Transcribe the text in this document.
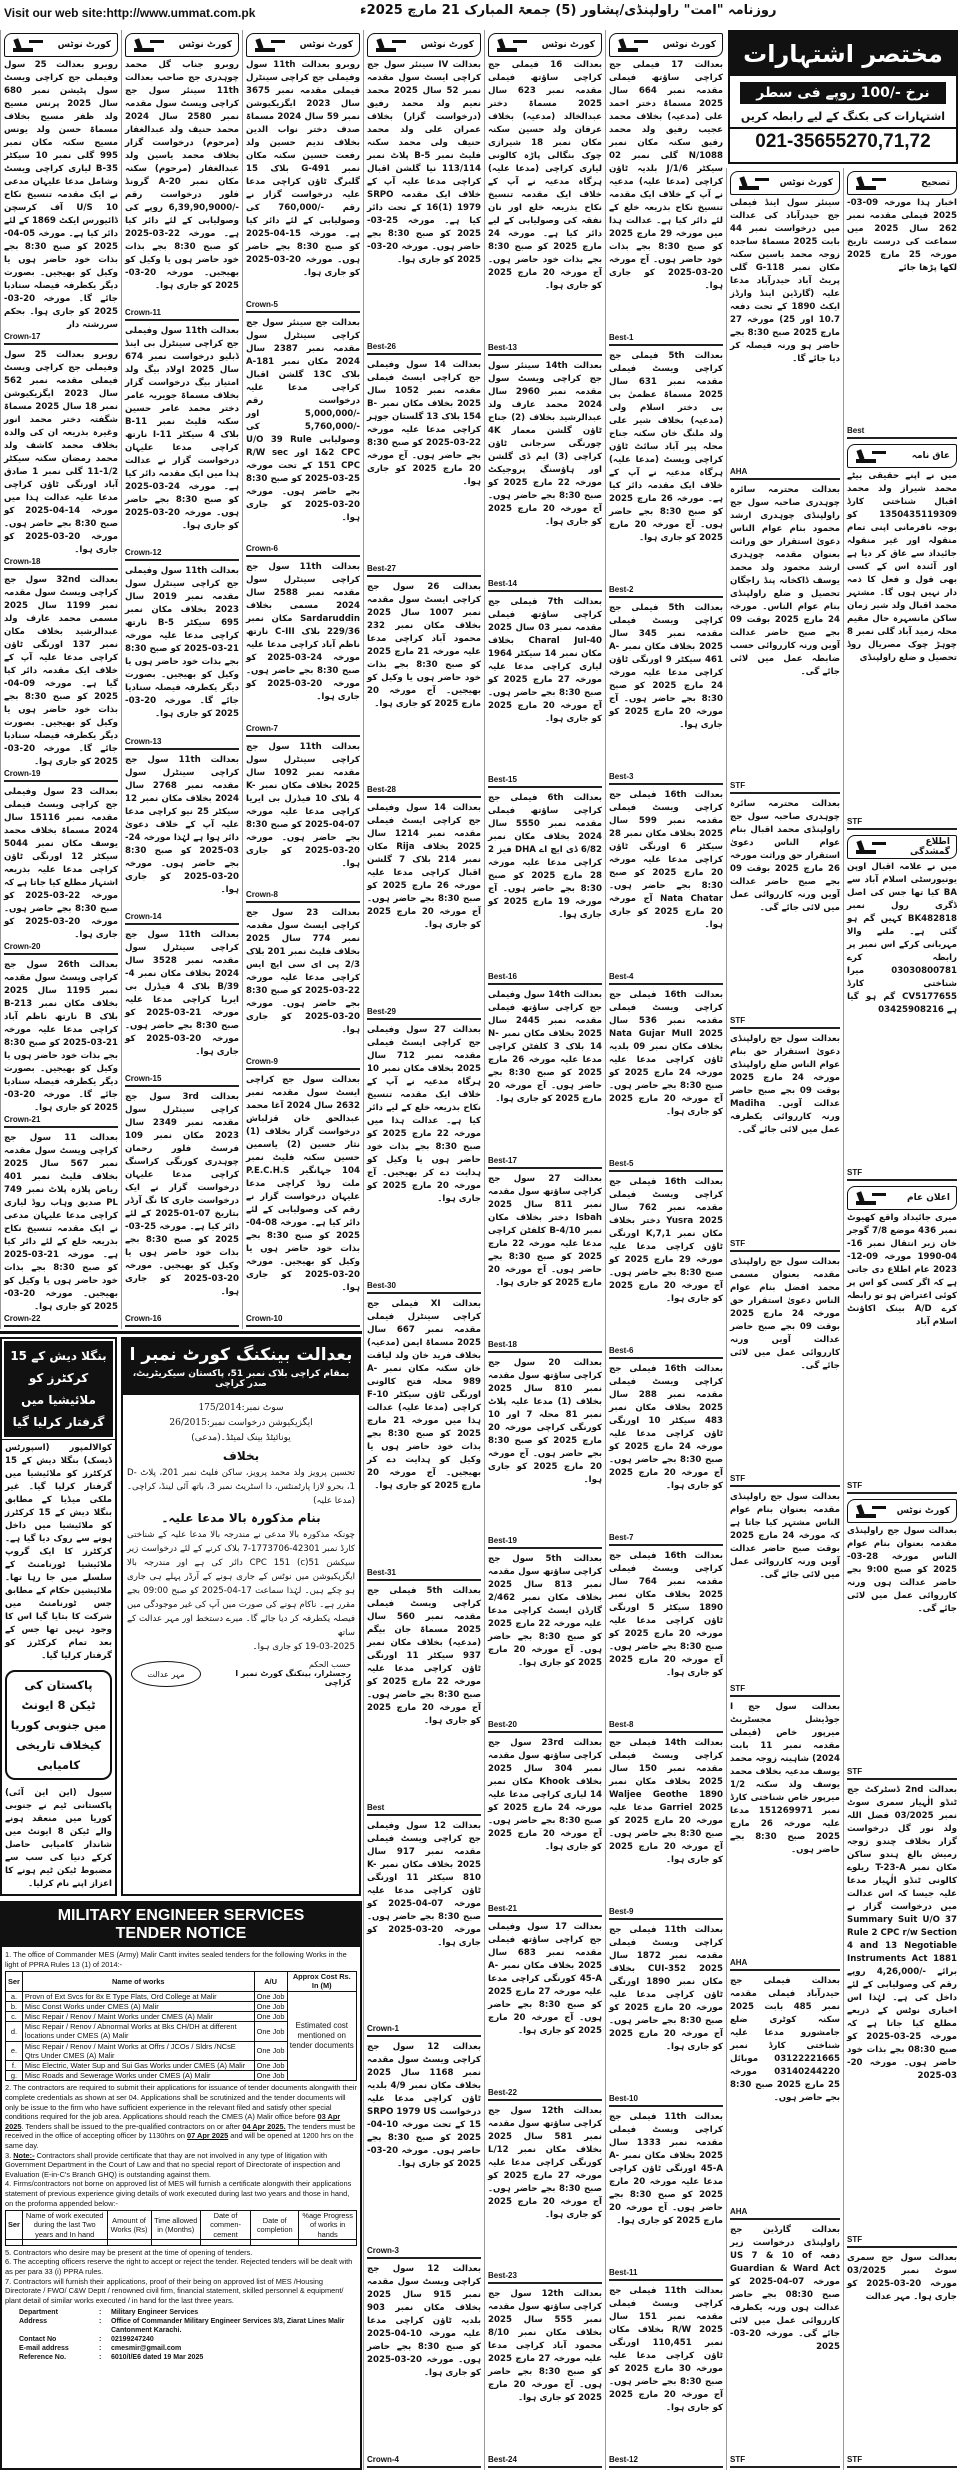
Visit our web site:http://www.ummat.com.pk	روزنامہ "امت" راولپنڈی/پشاور (5) جمعۃ المبارک 21 مارچ 2025ء
کورٹ نوٹس

روبرو بعدالت 25 سول وفیملی جج کراچی ویسٹ سول پٹیشن نمبر 680 سال 2025 پرنس مسیح ولد ظفر مسیح بخلاف مسماۃ حسن ولد یونس مسیح سکنہ مکان نمبر 995 گلی نمبر 10 سیکٹر B-35 لیاری کراچی ویسٹ وشامل مدعا علیہان مدعی نے ایک مقدمہ تنسیخ نکاح 10 U/S آف کرسچن ڈائیورس ایکٹ 1869 کے لئے دائر کیا ہے۔ مورخہ 05-04-2025 کو صبح 8:30 بجے بذات خود حاضر ہوں یا وکیل کو بھیجیں۔ بصورت دیگر یکطرفہ فیصلہ سنادیا جائے گا۔ مورخہ 20-03-2025 کو جاری ہوا۔ بحکم سررشتہ دار

Crown-17

روبرو بعدالت 25 سول وفیملی جج کراچی ویسٹ فیملی مقدمہ نمبر 562 سال 2023 ایگزیکیوشن نمبر 18 سال 2025 مسماۃ شگفتہ دختر محمد انور وغیرہ بذریعہ ان کی والدہ بخلاف محمد کاشف ولد محمد رمضان سکنہ سیکٹر 1/2-11 گلی نمبر 1 صادق آباد اورنگی ٹاؤن کراچی مدعا علیہ عدالت ہذا میں مورخہ 14-04-2025 کو صبح 8:30 بجے حاضر ہوں۔ مورخہ 20-03-2025 کو جاری ہوا۔

Crown-18

بعدالت 32nd سول جج کراچی ویسٹ سول مقدمہ نمبر 1199 سال 2025 مسمی محمد عارف ولد عبدالرشید بخلاف مکان نمبر 137 اورنگی ٹاؤن کراچی مدعا علیہ آپ کے خلاف ایک مقدمہ دائر کیا گیا ہے۔ مورخہ 09-04-2025 کو صبح 8:30 بجے بذات خود حاضر ہوں یا وکیل کو بھیجیں۔ بصورت دیگر یکطرفہ فیصلہ سنادیا جائے گا۔ مورخہ 20-03-2025 کو جاری ہوا۔

Crown-19

بعدالت 23 سول وفیملی جج کراچی ویسٹ فیملی مقدمہ نمبر 15116 سال 2024 مسماۃ بخلاف محمد یوسف مکان نمبر 5044 سیکٹر 12 اورنگی ٹاؤن کراچی مدعا علیہ بذریعہ اشتہار مطلع کیا جاتا ہے کہ مورخہ 22-03-2025 کو صبح 8:30 بجے حاضر ہوں۔ مورخہ 20-03-2025 کو جاری ہوا۔

Crown-20

بعدالت 26th سول جج کراچی ویسٹ سول مقدمہ نمبر 1195 سال 2025 بخلاف مکان نمبر B-213 بلاک B نارتھ ناظم آباد کراچی مدعا علیہ مورخہ 21-03-2025 کو صبح 8:30 بجے بذات خود حاضر ہوں یا وکیل کو بھیجیں۔ بصورت دیگر یکطرفہ فیصلہ سنادیا جائے گا۔ مورخہ 20-03-2025 کو جاری ہوا۔

Crown-21

بعدالت 11 سول جج کراچی ویسٹ سول مقدمہ نمبر 567 سال 2025 بخلاف فلیٹ نمبر 401 ریاض پلازہ پلاٹ نمبر 749 PL صدیق وہاب روڈ لیاری کراچی مدعا علیہان مدعی نے ایک مقدمہ تنسیخ نکاح بذریعہ خلع کے لئے دائر کیا ہے۔ مورخہ 21-03-2025 کو صبح 8:30 بجے بذات خود حاضر ہوں یا وکیل کو بھیجیں۔ مورخہ 20-03-2025 کو جاری ہوا۔

Crown-22
کورٹ نوٹس

روبرو جناب گل محمد چوہدری جج صاحب بعدالت 11th سینئر سول جج کراچی ویسٹ سول مقدمہ نمبر 2580 سال 2024 محمد حنیف ولد عبدالغفار (مرحوم) درخواست گزار بخلاف محمد یاسین ولد عبدالغفار (مرحوم) سکنہ مکان نمبر A-20 گرونڈ فلور درخواست رقم -/6,39,90,9000 روپے کی وصولیابی کے لئے دائر کیا ہے۔ مورخہ 22-03-2025 کو صبح 8:30 بجے بذات خود حاضر ہوں یا وکیل کو بھیجیں۔ مورخہ 20-03-2025 کو جاری ہوا۔

Crown-11

بعدالت 11th سول وفیملی جج کراچی سینٹرل بی اینڈ ڈبلیو درخواست نمبر 674 سال 2025 اولاد بیگ ولد امتیاز بیگ درخواست گزار بخلاف مسماۃ جویریہ عامر دختر محمد عامر حسین سکنہ فلیٹ نمبر B-11 بلاک 4 سیکٹر 11-I نارتھ کراچی مدعا علیہان درخواست گزار نے عدالت ہذا میں ایک مقدمہ دائر کیا ہے۔ مورخہ 24-03-2025 کو صبح 8:30 بجے حاضر ہوں۔ مورخہ 20-03-2025 کو جاری ہوا۔

Crown-12

بعدالت 11th سول وفیملی جج کراچی سینٹرل سول مقدمہ نمبر 2019 سال 2023 بخلاف مکان نمبر 695 سیکٹر B-5 نارتھ کراچی مدعا علیہ مورخہ 21-03-2025 کو صبح 8:30 بجے بذات خود حاضر ہوں یا وکیل کو بھیجیں۔ بصورت دیگر یکطرفہ فیصلہ سنادیا جائے گا۔ مورخہ 20-03-2025 کو جاری ہوا۔

Crown-13

بعدالت 11th سول جج کراچی سینٹرل سول مقدمہ نمبر 2768 سال 2024 بخلاف مکان نمبر 12 سیکٹر 25 نیو کراچی مدعا علیہ آپ کے خلاف دعویٰ دائر ہوا ہے لہٰذا مورخہ 24-03-2025 کو صبح 8:30 بجے حاضر ہوں۔ مورخہ 20-03-2025 کو جاری ہوا۔

Crown-14

بعدالت 11th سول جج کراچی سینٹرل سول مقدمہ نمبر 3528 سال 2024 بخلاف مکان نمبر 4-B/39 بلاک 4 فیڈرل بی ایریا کراچی مدعا علیہ مورخہ 21-03-2025 کو صبح 8:30 بجے حاضر ہوں۔ مورخہ 20-03-2025 کو جاری ہوا۔

Crown-15

بعدالت 3rd سول جج کراچی سینٹرل سول مقدمہ نمبر 2349 سال 2023 مکان نمبر 109 فرسٹ فلور رحمان چوہدری کورنگی کراسنگ کراچی مدعا علیہان درخواست گزار نے ایک درخواست جاری کا نگ آرڈر بتاریخ 07-01-2025 کے لئے دائر کیا ہے۔ مورخہ 25-03-2025 کو صبح 8:30 بجے بذات خود حاضر ہوں یا وکیل کو بھیجیں۔ مورخہ 20-03-2025 کو جاری ہوا۔

Crown-16
کورٹ نوٹس

روبرو بعدالت 11th سول وفیملی جج کراچی سینٹرل فیملی مقدمہ نمبر 3675 سال 2023 ایگزیکیوشن نمبر 59 سال 2024 مسماۃ صدف دختر نواب الدین بخلاف ندیم حسین ولد رفعت حسین سکنہ مکان نمبر G-491 بلاک 15 گلبرگ ٹاؤن کراچی مدعا علیہ درخواست گزار نے رقم -/760,000 کی وصولیابی کے لئے دائر کیا ہے۔ مورخہ 15-04-2025 کو صبح 8:30 بجے حاضر ہوں۔ مورخہ 20-03-2025 کو جاری ہوا۔

Crown-5

بعدالت جج سینئر سول جج کراچی سینٹرل سول مقدمہ نمبر 2387 سال 2024 مکان نمبر A-181 بلاک 13C گلشن اقبال کراچی مدعا علیہ درخواست رقم -/5,000,000 اور -/5,760,000 کی وصولیابی U/O 39 Rule 1&2 CPC اور R/W sec 151 CPC کے تحت مورخہ 25-03-2025 کو صبح 8:30 بجے حاضر ہوں۔ مورخہ 20-03-2025 کو جاری ہوا۔

Crown-6

بعدالت 11th سول جج کراچی سینٹرل سول مقدمہ نمبر 2588 سال 2024 مسمی بخلاف Sardaruddin مکان نمبر 229/36 بلاک C-III نارتھ ناظم آباد کراچی مدعا علیہ مورخہ 24-03-2025 کو صبح 8:30 بجے حاضر ہوں۔ مورخہ 20-03-2025 کو جاری ہوا۔

Crown-7

بعدالت 11th سول جج کراچی سینٹرل سول مقدمہ نمبر 1092 سال 2025 بخلاف مکان نمبر K-4 بلاک 10 فیڈرل بی ایریا کراچی مدعا علیہ مورخہ 07-04-2025 کو صبح 8:30 بجے حاضر ہوں۔ مورخہ 20-03-2025 کو جاری ہوا۔

Crown-8

بعدالت 23 سول جج کراچی ایسٹ سول مقدمہ نمبر 774 سال 2025 بخلاف فلیٹ نمبر 201 بلاک 2/3 پی ای سی ایچ ایس کراچی مدعا علیہ مورخہ 22-03-2025 کو صبح 8:30 بجے حاضر ہوں۔ مورخہ 20-03-2025 کو جاری ہوا۔

Crown-9

بعدالت سول جج کراچی ایسٹ سول مقدمہ نمبر 2632 سال 2024 آغا محمد عبدالحق خان قزلباش درخواست گزار بخلاف (1) نثار حسین (2) یاسمین حسین سکنہ فلیٹ نمبر 104 جہانگیر P.E.C.H.S ملت روڈ کراچی مدعا علیہان درخواست گزار نے رقم کی وصولیابی کے لئے دائر کیا ہے۔ مورخہ 08-04-2025 کو صبح 8:30 بجے بذات خود حاضر ہوں یا وکیل کو بھیجیں۔ مورخہ 20-03-2025 کو جاری ہوا۔

Crown-10
کورٹ نوٹس

بعدالت IV سینئر سول جج کراچی ایسٹ سول مقدمہ نمبر 52 سال 2025 محمد نعیم ولد محمد رفیق (درخواست گزار) بخلاف عمران علی ولد محمد حنیف ولی محمد سکنہ فلیٹ نمبر B-5 پلاٹ نمبر 113/114 نیا گلشن اقبال کراچی مدعا علیہ آپ کے خلاف ایک مقدمہ SRPO 16(1) 1979 کے تحت دائر کیا ہے۔ مورخہ 25-03-2025 کو صبح 8:30 بجے حاضر ہوں۔ مورخہ 20-03-2025 کو جاری ہوا۔

Best-26

بعدالت 14 سول وفیملی جج کراچی ایسٹ فیملی مقدمہ نمبر 1052 سال 2025 بخلاف مکان نمبر B-154 بلاک 13 گلستان جوہر کراچی مدعا علیہ مورخہ 22-03-2025 کو صبح 8:30 بجے حاضر ہوں۔ آج مورخہ 20 مارچ 2025 کو جاری ہوا۔

Best-27

بعدالت 26 سول جج کراچی ایسٹ سول مقدمہ نمبر 1007 سال 2025 بخلاف مکان نمبر 232 محمود آباد کراچی مدعا علیہ مورخہ 21 مارچ 2025 کو صبح 8:30 بجے بذات خود حاضر ہوں یا وکیل کو بھیجیں۔ آج مورخہ 20 مارچ 2025 کو جاری ہوا۔

Best-28

بعدالت 14 سول وفیملی جج کراچی ایسٹ فیملی مقدمہ نمبر 1214 سال 2025 بخلاف Rija مکان نمبر 214 بلاک 7 گلشن اقبال کراچی مدعا علیہ مورخہ 26 مارچ 2025 کو صبح 8:30 بجے حاضر ہوں۔ آج مورخہ 20 مارچ 2025 کو جاری ہوا۔

Best-29

بعدالت 27 سول وفیملی جج کراچی ایسٹ فیملی مقدمہ نمبر 712 سال 2025 بخلاف مکان نمبر 10 ہرگاہ مدعیہ نے آپ کے خلاف ایک مقدمہ تنسیخ نکاح بذریعہ خلع کے لیے دائر کیا ہے۔ عدالت ہذا میں مورخہ 22 مارچ 2025 کو صبح 8:30 بجے بذات خود حاضر ہوں یا وکیل کو ہدایت دے کر بھیجیں۔ آج مورخہ 20 مارچ 2025 کو جاری ہوا۔

Best-30

بعدالت XI فیملی جج کراچی سینٹرل فیملی مقدمہ نمبر 667 سال 2025 مسماۃ ایمن (مدعیہ) بخلاف فرید خان ولد لیاقت خان سکنہ مکان نمبر A-989 محلہ فتح کالونی اورنگی ٹاؤن سیکٹر 10-F کراچی (مدعا علیہ) عدالت ہذا میں مورخہ 21 مارچ 2025 کو صبح 8:30 بجے بذات خود حاضر ہوں یا وکیل کو ہدایت دے کر بھیجیں۔ آج مورخہ 20 مارچ 2025 کو جاری ہوا۔

Best-31

بعدالت 5th فیملی جج کراچی ویسٹ فیملی مقدمہ نمبر 560 سال 2025 مسماۃ جان بیگم (مدعیہ) بخلاف مکان نمبر 937 سیکٹر 11 اورنگی ٹاؤن کراچی مدعا علیہ مورخہ 22 مارچ 2025 کو صبح 8:30 بجے حاضر ہوں۔ آج مورخہ 20 مارچ 2025 کو جاری ہوا۔

Best

بعدالت 12 سول وفیملی جج کراچی ویسٹ فیملی مقدمہ نمبر 917 سال 2025 بخلاف مکان نمبر K-810 سیکٹر 11 اورنگی ٹاؤن کراچی مدعا علیہ مورخہ 07-04-2025 کو صبح 8:30 بجے حاضر ہوں۔ مورخہ 20-03-2025 کو جاری ہوا۔

Crown-1

بعدالت 12 سول جج کراچی ویسٹ سول مقدمہ نمبر 1168 سال 2025 بخلاف مکان نمبر 4/9 بلدیہ ٹاؤن کراچی مدعا علیہ درخواست SRPO 1979 US 15 کے تحت مورخہ 10-04-2025 کو صبح 8:30 بجے حاضر ہوں۔ مورخہ 20-03-2025 کو جاری ہوا۔

Crown-3

بعدالت 12 سول جج کراچی ویسٹ سول مقدمہ نمبر 915 سال 2025 بخلاف مکان نمبر 903 بلدیہ ٹاؤن کراچی مدعا علیہ مورخہ 10-04-2025 کو صبح 8:30 بجے حاضر ہوں۔ مورخہ 20-03-2025 کو جاری ہوا۔

Crown-4
کورٹ نوٹس

بعدالت 16 فیملی جج کراچی ساؤتھ فیملی مقدمہ نمبر 623 سال 2025 مسماۃ دختر عبدالخالد (مدعیہ) بخلاف عرفان ولد حسین سکنہ مکان نمبر 18 شیرازی چوک بنگالی پاڑہ کالونی لیاری کراچی (مدعا علیہ) ہرگاہ مدعیہ نے آپ کے خلاف ایک مقدمہ تنسیخ نکاح بذریعہ خلع اور نان نفقہ کی وصولیابی کے لیے دائر کیا ہے۔ مورخہ 24 مارچ 2025 کو صبح 8:30 بجے بذات خود حاضر ہوں۔ آج مورخہ 20 مارچ 2025 کو جاری ہوا۔

Best-13

بعدالت 14th سینئر سول جج کراچی ویسٹ سول مقدمہ نمبر 2960 سال 2024 محمد عارف ولد عبدالرشید بخلاف (2) جناح ٹاؤن گلشن معمار 4K چورنگی سرجانی ٹاؤن کراچی (3) ایم ڈی گلشن اور ہاؤسنگ پروجیکٹ مورخہ 22 مارچ 2025 کو صبح 8:30 بجے حاضر ہوں۔ آج مورخہ 20 مارچ 2025 کو جاری ہوا۔

Best-14

بعدالت 7th فیملی جج کراچی ساؤتھ فیملی مقدمہ نمبر 03 سال 2025 Charal Jul-40 بخلاف مکان نمبر 14 سیکٹر 1964 لیاری کراچی مدعا علیہ مورخہ 27 مارچ 2025 کو صبح 8:30 بجے حاضر ہوں۔ آج مورخہ 20 مارچ 2025 کو جاری ہوا۔

Best-15

بعدالت 6th فیملی جج کراچی ساؤتھ فیملی مقدمہ نمبر 5550 سال 2024 بخلاف مکان نمبر 6/82 ڈی ایچ اے DHA فیز 2 کراچی مدعا علیہ مورخہ 28 مارچ 2025 کو صبح 8:30 بجے حاضر ہوں۔ آج مورخہ 19 مارچ 2025 کو جاری ہوا۔

Best-16

بعدالت 14th سول وفیملی جج کراچی ساؤتھ فیملی مقدمہ نمبر 2445 سال 2025 بخلاف مکان نمبر N-14 بلاک 3 کلفٹن کراچی مدعا علیہ مورخہ 26 مارچ 2025 کو صبح 8:30 بجے حاضر ہوں۔ آج مورخہ 20 مارچ 2025 کو جاری ہوا۔

Best-17

بعدالت 27 سول جج کراچی ساؤتھ سول مقدمہ نمبر 811 سال 2025 Isbah دختر بخلاف مکان نمبر B-4/10 کلفٹن کراچی مدعا علیہ مورخہ 22 مارچ 2025 کو صبح 8:30 بجے حاضر ہوں۔ آج مورخہ 20 مارچ 2025 کو جاری ہوا۔

Best-18

بعدالت 20 سول جج کراچی ساؤتھ سول مقدمہ نمبر 810 سال 2025 بخلاف (1) مدعا علیہ پلاٹ نمبر 81 محلہ 7 اور 10 کورنگی کراچی مورخہ 20 مارچ 2025 کو صبح 8:30 بجے حاضر ہوں۔ آج مورخہ 20 مارچ 2025 کو جاری ہوا۔

Best-19

بعدالت 5th سول جج کراچی ساؤتھ سول مقدمہ نمبر 813 سال 2025 بخلاف مکان نمبر 2/462 گارڈن ایسٹ کراچی مدعا علیہ مورخہ 22 مارچ 2025 کو صبح 8:30 بجے حاضر ہوں۔ آج مورخہ 20 مارچ 2025 کو جاری ہوا۔

Best-20

بعدالت 23rd سول جج کراچی ساؤتھ سول مقدمہ نمبر 304 سال 2025 بخلاف Khook مکان نمبر 14 لیاری کراچی مدعا علیہ مورخہ 24 مارچ 2025 کو صبح 8:30 بجے حاضر ہوں۔ آج مورخہ 20 مارچ 2025 کو جاری ہوا۔

Best-21

بعدالت 17 سول وفیملی جج کراچی ساؤتھ فیملی مقدمہ نمبر 683 سال 2025 بخلاف مکان نمبر A-45-A کورنگی کراچی مدعا علیہ مورخہ 27 مارچ 2025 کو صبح 8:30 بجے حاضر ہوں۔ آج مورخہ 20 مارچ 2025 کو جاری ہوا۔

Best-22

بعدالت 12th سول جج کراچی ساؤتھ سول مقدمہ نمبر 581 سال 2025 بخلاف مکان نمبر 12/L کورنگی کراچی مدعا علیہ مورخہ 27 مارچ 2025 کو صبح 8:30 بجے حاضر ہوں۔ آج مورخہ 20 مارچ 2025 کو جاری ہوا۔

Best-23

بعدالت 12th سول جج کراچی ساؤتھ سول مقدمہ نمبر 555 سال 2025 بخلاف مکان نمبر 8/10 محمود آباد کراچی مدعا علیہ مورخہ 27 مارچ 2025 کو صبح 8:30 بجے حاضر ہوں۔ آج مورخہ 20 مارچ 2025 کو جاری ہوا۔

Best-24
کورٹ نوٹس

بعدالت 17 فیملی جج کراچی ساؤتھ فیملی مقدمہ نمبر 664 سال 2025 مسماۃ دختر احمد علی (مدعیہ) بخلاف محمد عجیب رفیق ولد محمد رفیق سکنہ مکان نمبر N/1088 گلی نمبر 02 سیکٹر 6/J/1 بلدیہ ٹاؤن کراچی (مدعا علیہ) مدعیہ نے آپ کے خلاف ایک مقدمہ تنسیخ نکاح بذریعہ خلع کے لئے دائر کیا ہے۔ عدالت ہذا میں مورخہ 29 مارچ 2025 کو صبح 8:30 بجے بذات خود حاضر ہوں۔ آج مورخہ 20-03-2025 کو جاری ہوا۔

Best-1

بعدالت 5th فیملی جج کراچی ویسٹ فیملی مقدمہ نمبر 631 سال 2025 مسماۃ عظمیٰ بی بی دختر اسلام ولی (مدعیہ) بخلاف شیر علی ولد ملنگ خان سکنہ جناح محلہ پیر آباد سائٹ ٹاؤن کراچی ویسٹ (مدعا علیہ) ہرگاہ مدعیہ نے آپ کے خلاف ایک مقدمہ دائر کیا ہے۔ مورخہ 26 مارچ 2025 کو صبح 8:30 بجے حاضر ہوں۔ آج مورخہ 20 مارچ 2025 کو جاری ہوا۔

Best-2

بعدالت 5th فیملی جج کراچی ویسٹ فیملی مقدمہ نمبر 345 سال 2025 بخلاف مکان نمبر A-461 سیکٹر 9 اورنگی ٹاؤن کراچی مدعا علیہ مورخہ 24 مارچ 2025 کو صبح 8:30 بجے حاضر ہوں۔ آج مورخہ 20 مارچ 2025 کو جاری ہوا۔

Best-3

بعدالت 16th فیملی جج کراچی ویسٹ فیملی مقدمہ نمبر 599 سال 2025 بخلاف مکان نمبر 28 سیکٹر 6 اورنگی ٹاؤن کراچی مدعا علیہ مورخہ 20 مارچ 2025 کو صبح 8:30 بجے حاضر ہوں۔ Nata Chatar آج مورخہ 20 مارچ 2025 کو جاری ہوا۔

Best-4

بعدالت 16th فیملی جج کراچی ویسٹ فیملی مقدمہ نمبر 536 سال 2025 Nata Gujar Mull بخلاف مکان نمبر 09 بلدیہ ٹاؤن کراچی مدعا علیہ مورخہ 24 مارچ 2025 کو صبح 8:30 بجے حاضر ہوں۔ آج مورخہ 20 مارچ 2025 کو جاری ہوا۔

Best-5

بعدالت 16th فیملی جج کراچی ویسٹ فیملی مقدمہ نمبر 762 سال 2025 Yusra دختر بخلاف مکان نمبر 1,K,7 اورنگی ٹاؤن کراچی مدعا علیہ مورخہ 29 مارچ 2025 کو صبح 8:30 بجے حاضر ہوں۔ آج مورخہ 20 مارچ 2025 کو جاری ہوا۔

Best-6

بعدالت 16th فیملی جج کراچی ویسٹ فیملی مقدمہ نمبر 288 سال 2025 بخلاف مکان نمبر 483 سیکٹر 10 اورنگی ٹاؤن کراچی مدعا علیہ مورخہ 24 مارچ 2025 کو صبح 8:30 بجے حاضر ہوں۔ آج مورخہ 20 مارچ 2025 کو جاری ہوا۔

Best-7

بعدالت 16th فیملی جج کراچی ویسٹ فیملی مقدمہ نمبر 764 سال 2025 بخلاف مکان نمبر 1890 سیکٹر 5 اورنگی ٹاؤن کراچی مدعا علیہ مورخہ 20 مارچ 2025 کو صبح 8:30 بجے حاضر ہوں۔ آج مورخہ 20 مارچ 2025 کو جاری ہوا۔

Best-8

بعدالت 14th فیملی جج کراچی ویسٹ فیملی مقدمہ نمبر 150 سال 2025 بخلاف مکان نمبر 1890 Waljee Geothe Garriel 2025 مدعا علیہ مورخہ 20 مارچ 2025 کو صبح 8:30 بجے حاضر ہوں۔ آج مورخہ 20 مارچ 2025 کو جاری ہوا۔

Best-9

بعدالت 11th فیملی جج کراچی ویسٹ فیملی مقدمہ نمبر 1872 سال 2025 CUI-352 بخلاف مکان نمبر 1890 اورنگی ٹاؤن کراچی مدعا علیہ مورخہ 20 مارچ 2025 کو صبح 8:30 بجے حاضر ہوں۔ آج مورخہ 20 مارچ 2025 کو جاری ہوا۔

Best-10

بعدالت 11th فیملی جج کراچی ویسٹ فیملی مقدمہ نمبر 1333 سال 2025 بخلاف مکان نمبر A-45-A اورنگی ٹاؤن کراچی مدعا علیہ مورخہ 20 مارچ 2025 کو صبح 8:30 بجے حاضر ہوں۔ آج مورخہ 20 مارچ 2025 کو جاری ہوا۔

Best-11

بعدالت 11th فیملی جج کراچی ویسٹ فیملی مقدمہ نمبر 151 سال 2025 R/W بخلاف مکان نمبر 110,451 اورنگی ٹاؤن کراچی مدعا علیہ مورخہ 30 مارچ 2025 کو صبح 8:30 بجے حاضر ہوں۔ آج مورخہ 20 مارچ 2025 کو جاری ہوا۔

Best-12
کورٹ نوٹس

سینئر سول اینڈ فیملی جج حیدرآباد کی عدالت میں درخواست نمبر 44 بابت 2025 مسماۃ ساجدہ زوجہ محمد یاسین سکنہ مکان نمبر G-118 گلی پریٹ آباد حیدرآباد مدعا علیہ (گارڈین اینڈ وارڈز ایکٹ 1890 کے تحت دفعہ 10.7 اور 25) مورخہ 27 مارچ 2025 صبح 8:30 بجے حاضر ہو ورنہ فیصلہ کر دیا جائے گا۔

AHA

بعدالت محترمہ سائرہ چوہدری صاحبہ سول جج راولپنڈی چوہدری ارشد محمود بنام عوام الناس دعویٰ استقرار حق وراثت بعنوان مقدمہ چوہدری ارشد محمود ولد محمد یوسف ڈاکخانہ پنڈ راجگان تحصیل و ضلع راولپنڈی بنام عوام الناس۔ مورخہ 24 مارچ 2025 بوقت 09 بجے صبح حاضر عدالت آویں ورنہ کارروائی حسب ضابطہ عمل میں لائی جائے گی۔

STF

بعدالت محترمہ سائرہ چوہدری صاحبہ سول جج راولپنڈی محمد اقبال بنام عوام الناس دعویٰ استقرار حق وراثت مورخہ 26 مارچ 2025 بوقت 09 بجے صبح حاضر عدالت آویں ورنہ کارروائی عمل میں لائی جائے گی۔

STF

بعدالت سول جج راولپنڈی دعویٰ استقرار حق بنام عوام الناس ضلع راولپنڈی مورخہ 24 مارچ 2025 بوقت 09 بجے صبح حاضر عدالت آویں۔ Madiha ورنہ کارروائی یکطرفہ عمل میں لائی جائے گی۔

STF

بعدالت سول جج راولپنڈی مقدمہ بعنوان مسمی محمد افضل بنام عوام الناس دعویٰ استقرار حق مورخہ 24 مارچ 2025 بوقت 09 بجے صبح حاضر عدالت آویں ورنہ کارروائی عمل میں لائی جائے گی۔

STF

بعدالت سول جج راولپنڈی مقدمہ بعنوان بنام عوام الناس مشتہر کیا جاتا ہے کہ مورخہ 24 مارچ 2025 بوقت صبح حاضر عدالت آویں ورنہ کارروائی عمل میں لائی جائے گی۔

STF

بعدالت سول جج I جوڈیشل مجسٹریٹ میرپور خاص (فیملی مقدمہ نمبر 11 بابت 2024) شاہینہ زوجہ محمد یوسف مدعیہ بخلاف محمد یوسف ولد سکنہ 1/2 میرپور خاص شناختی کارڈ نمبر 151269971 مدعا علیہ مورخہ 26 مارچ 2025 صبح 8:30 بجے حاضر ہوں۔

AHA

بعدالت فیملی جج حیدرآباد فیملی مقدمہ نمبر 485 بابت 2025 سکنہ کوٹری ضلع جامشورو مدعا علیہ شناختی کارڈ نمبر 03122221665 موبائل 03140244220 مورخہ 25 مارچ 2025 صبح 8:30 بجے حاضر ہوں۔

AHA

بعدالت گارڈین جج راولپنڈی درخواست زیر دفعہ US 7 & 10 of Guardian & Ward Act مورخہ 07-04-2025 کو صبح 08:30 بجے حاضر عدالت ہوں ورنہ یکطرفہ کارروائی عمل میں لائی جائے گی۔ مورخہ 20-03-2025

STF
تصحیح

اخبار ہذا مورخہ 09-03-2025 فیملی مقدمہ نمبر 262 سال 2025 میں سماعت کی درست تاریخ مورخہ 25 مارچ 2025 لکھا پڑھا جائے

Best
عاق نامہ

میں نے اپنے حقیقی بیٹے محمد شیراز ولد محمد اقبال شناختی کارڈ 1350435119309 کو بوجہ نافرمانی اپنی تمام منقولہ اور غیر منقولہ جائیداد سے عاق کر دیا ہے اور آئندہ اس کے کسی بھی قول و فعل کا ذمہ دار نہیں ہوں گا۔ مشتہر محمد اقبال ولد شیر زمان ساکن مانسہرہ حال مقیم محلہ زمید آباد گلی نمبر 8 چوہڑ چوک مصریال روڈ تحصیل و ضلع راولپنڈی

STF
اطلاع گمشدگی

میں نے علامہ اقبال اوپن یونیورسٹی اسلام آباد سے BA کیا تھا جس کی اصل ڈگری رول نمبر BK482818 کہیں گم ہو گئی ہے۔ ملنے والا مہربانی کرکے اس نمبر پر رابطہ کرے 03030800781 میرا شناختی کارڈ CV5177655 گم ہو گیا ہے 03425908216

STF
اعلان عام

میری جائیداد واقع کھیوٹ نمبر 436 موضع 7/8 گوجر خان زیر انتقال نمبر 16-04-1990 مورخہ 09-12-2023 عام اطلاع دی جاتی ہے کہ اگر کسی کو اس پر کوئی اعتراض ہو تو رابطہ کرے A/D بینک اکاؤنٹ اسلام آباد

STF
کورٹ نوٹس

بعدالت سول جج راولپنڈی مقدمہ بعنوان بنام عوام الناس مورخہ 28-03-2025 کو صبح 9:00 بجے حاضر عدالت ہوں ورنہ کارروائی عمل میں لائی جائے گی۔

STF

بعدالت 2nd ڈسٹرکٹ جج ٹنڈو الٰہیار سمری سوٹ نمبر 03/2025 فضل اللہ ولد نور گل درخواست گزار بخلاف چندو زوجہ رمیش بالغ ہندو ساکن مکان نمبر T-23-A ریلوے کالونی ٹنڈو الٰہیار مدعا علیہ جیسا کہ اس عدالت میں درخواست گزار نے Summary Suit U/O 37 Rule 2 CPC r/w Section 4 and 13 Negotiable Instruments Act 1881 برائے -/4,26,000 روپے رقم کی وصولیابی کے لئے داخل کی ہے۔ لہٰذا اس اخباری نوٹس کے ذریعے مطلع کیا جاتا ہے کہ مورخہ 25-03-2025 کو صبح 08:30 بجے بذات خود حاضر ہوں۔ مورخہ 20-03-2025

STF

بعدالت سول جج سمری سوٹ نمبر 03/2025 مورخہ 20-03-2025 کو جاری ہوا۔ مہر عدالت

STF
مختصر اشتہارات
نرخ -/100 روپے فی سطر
اشتہارات کی بکنگ کے لیے رابطہ کریں
021-35655270,71,72
بنگلا دیش کے 15 کرکٹرز کو ملائیشیا میں گرفتار کرلیا گیا
کوالالمپور (اسپورٹس ڈیسک) بنگلا دیش کے 15 کرکٹرز کو ملائیشیا میں گرفتار کرلیا گیا۔ غیر ملکی میڈیا کے مطابق بنگلا دیش کے 15 کرکٹرز کو ملائیشیا میں داخل ہونے سے روک دیا گیا ہے۔ کرکٹرز کا ایک گروپ ملائیشیا ٹورنامنٹ کے سلسلے میں جا رہا تھا۔ ملائیشین حکام کے مطابق جس ٹورنامنٹ میں شرکت کا بتایا گیا اس کا وجود نہیں تھا جس کے بعد تمام کرکٹرز کو گرفتار کرلیا گیا۔
پاکستان کی ٹیکن 8 ایونٹ میں جنوبی کوریا کیخلاف تاریخی کامیابی
سیول (این این آئی) پاکستانی ٹیم نے جنوبی کوریا میں منعقد ہونے والے ٹیکن 8 ایونٹ میں شاندار کامیابی حاصل کرکے دنیا کی سب سے مضبوط ٹیکن ٹیم ہونے کا اعزاز اپنے نام کرلیا۔
بعدالت بینکنگ کورٹ نمبر ا
بمقام کراچی بلاک نمبر 51، پاکستان سیکریٹریٹ، صدر کراچی
سوٹ نمبر:175/2014
ایگزیکیوشن درخواست نمبر:26/2015
یونائیٹڈ بینک لمیٹڈ۔(مدعی)
بخلاف
تحسین پرویز ولد محمد پرویز، ساکن فلیٹ نمبر 201، پلاٹ D-1، بحرو لازا پارٹمنٹس، دا اسٹریٹ نمبر 3، باتھ آئی لینڈ، کراچی۔(مدعا علیہ)
بنام مذکورہ بالا مدعا علیہ۔
چونکہ مذکورہ بالا مدعی نے مندرجہ بالا مدعا علیہ کے شناختی کارڈ نمبر 42301-1773706-7 بلاک کرنے کے لئے درخواست زیر سیکشن 51(c) CPC 151 دائر کی ہے اور مندرجہ بالا ایگزیکیوشن میں نوٹس کے جاری ہونے کے آرڈر پہلے ہی جاری ہو چکے ہیں۔ لہٰذا سماعت 17-04-2025 کو صبح 09:00 بجے مقرر ہے۔ ناکام ہونے کی صورت میں آپ کی غیر موجودگی میں فیصلہ یکطرفہ کر دیا جائے گا۔ میرے دستخط اور مہر عدالت کے ساتھ
19-03-2025 کو جاری ہوا۔
حسب الحکم
رجسٹرار، بینکنگ کورٹ نمبر ا کراچی
مہر عدالت
MILITARY ENGINEER SERVICES
TENDER NOTICE
1. The office of Commander MES (Army) Malir Cantt invites sealed tenders for the following Works in the light of PPRA Rules 13 (1) of 2014:-
Ser	Name of works	A/U	Approx Cost Rs. In (M)
a.	Provn of Ext Svcs for 8x E Type Flats, Ord College at Malir	One Job	Estimated cost mentioned on tender documents
b.	Misc Const Works under CMES (A) Malir	One Job	
c.	Misc Repair / Renov / Maint Works under CMES (A) Malir	One Job	
d.	Misc Repair / Renov / Abnormal Works at Bks CH/DH at different locations under CMES (A) Malir	One Job	
e.	Misc Repair / Renov / Maint Works at Offrs / JCOs / Sldrs /NCsE Qtrs Under CMES (A) Malir	One Job	
f.	Misc Electric, Water Sup and Sui Gas Works under CMES (A) Malir	One Job	
g.	Misc Roads and Sewerage Works under CMES (A) Malir	One Job	
2. The contractors are required to submit their applications for issuance of tender documents alongwith their complete credentials as shown at ser 04. Applications shall be scrutinized and the tender documents will only be issue to the firm who have sufficient experience in the relevant filed and satisfy other special conditions required for the job area. Applications should reach the CMES (A) Malir office before 03 Apr 2025. Tenders shall be issued to the pre-qualified contractors on or after 04 Apr 2025. The tenders must be received in the office of accepting officer by 1130hrs on 07 Apr 2025 and will be opened at 1200 hrs on the same day.
3. Note:- Contractors shall provide certificate that thay are not involved in any type of litigation with Government Department in the Court of Law and that no special report of Directorate of inspection and Evaluation (E-in-C's Branch GHQ) is outstanding against them.
4. Firms/contractors not borne on approved list of MES will furnish a certificate alongwith their applications statement of previous experience giving details of work executed during last two years and those in hand, on the proforma appended below:-
Ser	Name of work executed during the last Two years and In hand	Amount of Works (Rs)	Time allowed in (Months)	Date of commen-cement	Date of completion	%age Progress of works in hands

5. Contractors who desire may be present at the time of opening of tenders.
6. The accepting officers reserve the right to accept or reject the tender. Rejected tenders will be dealt with as per para 33 (i) PPRA rules.
7. Contractors will furnish their applications, proof of their being on approved list of MES /Housing Directorate / FWO/ C&W Deptt / renowned civil firm, financial statement, skilled personnel & equipment/ plant detail of similar works executed / in hand for the last three years.
Department	:	Military Engineer Services
Address	:	Office of Commander Military Engineer Services 3/3, Ziarat Lines Malir Cantonment Karachi.
Contact No	:	02199247240
E-mail address	:	cmesmir@gmail.com
Reference No.	:	6010/I/E6 dated 19 Mar 2025
